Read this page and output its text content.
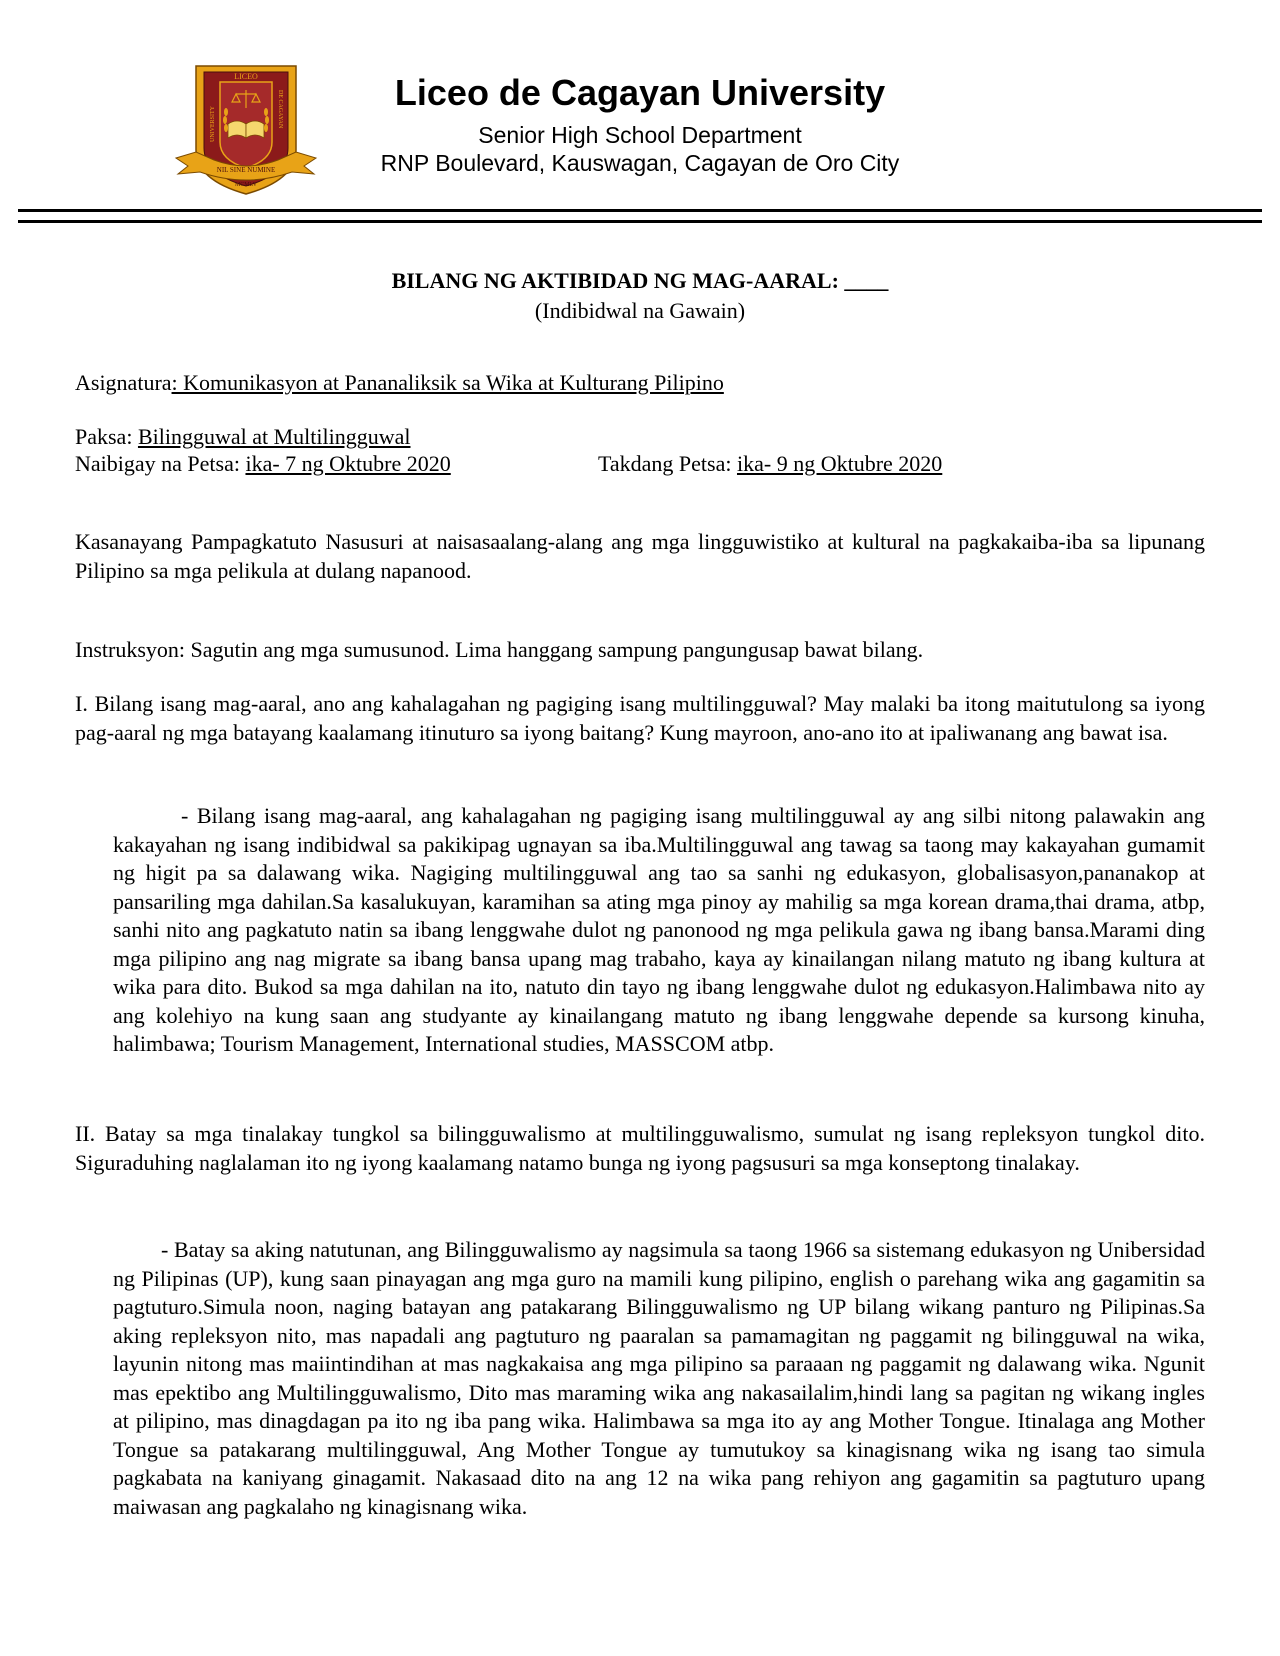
LICEO
UNIVERSITY	DE CAGAYAN
NIL SINE NUMINE
MCMLV
Liceo de Cagayan University
Senior High School Department
RNP Boulevard, Kauswagan, Cagayan de Oro City
BILANG NG AKTIBIDAD NG MAG-AARAL: ____
(Indibidwal na Gawain)
Asignatura: Komunikasyon at Pananaliksik sa Wika at Kulturang Pilipino
Paksa: Bilingguwal at Multilingguwal
Naibigay na Petsa: ika- 7 ng Oktubre 2020	Takdang Petsa: ika- 9 ng Oktubre 2020
Kasanayang Pampagkatuto Nasusuri at naisasaalang-alang ang mga lingguwistiko at kultural na pagkakaiba-iba sa lipunang Pilipino sa mga pelikula at dulang napanood.
Instruksyon: Sagutin ang mga sumusunod. Lima hanggang sampung pangungusap bawat bilang.
I. Bilang isang mag-aaral, ano ang kahalagahan ng pagiging isang multilingguwal? May malaki ba itong maitutulong sa iyong pag-aaral ng mga batayang kaalamang itinuturo sa iyong baitang? Kung mayroon, ano-ano ito at ipaliwanang ang bawat isa.
- Bilang isang mag-aaral, ang kahalagahan ng pagiging isang multilingguwal ay ang silbi nitong palawakin ang kakayahan ng isang indibidwal sa pakikipag ugnayan sa iba.Multilingguwal ang tawag sa taong may kakayahan gumamit ng higit pa sa dalawang wika. Nagiging multilingguwal ang tao sa sanhi ng edukasyon, globalisasyon,pananakop at pansariling mga dahilan.Sa kasalukuyan, karamihan sa ating mga pinoy ay mahilig sa mga korean drama,thai drama, atbp, sanhi nito ang pagkatuto natin sa ibang lenggwahe dulot ng panonood ng mga pelikula gawa ng ibang bansa.Marami ding mga pilipino ang nag migrate sa ibang bansa upang mag trabaho, kaya ay kinailangan nilang matuto ng ibang kultura at wika para dito. Bukod sa mga dahilan na ito, natuto din tayo ng ibang lenggwahe dulot ng edukasyon.Halimbawa nito ay ang kolehiyo na kung saan ang studyante ay kinailangang matuto ng ibang lenggwahe depende sa kursong kinuha, halimbawa; Tourism Management, International studies, MASSCOM atbp.
II. Batay sa mga tinalakay tungkol sa bilingguwalismo at multilingguwalismo, sumulat ng isang repleksyon tungkol dito. Siguraduhing naglalaman ito ng iyong kaalamang natamo bunga ng iyong pagsusuri sa mga konseptong tinalakay.
- Batay sa aking natutunan, ang Bilingguwalismo ay nagsimula sa taong 1966 sa sistemang edukasyon ng Unibersidad ng Pilipinas (UP), kung saan pinayagan ang mga guro na mamili kung pilipino, english o parehang wika ang gagamitin sa pagtuturo.Simula noon, naging batayan ang patakarang Bilingguwalismo ng UP bilang wikang panturo ng Pilipinas.Sa aking repleksyon nito, mas napadali ang pagtuturo ng paaralan sa pamamagitan ng paggamit ng bilingguwal na wika, layunin nitong mas maiintindihan at mas nagkakaisa ang mga pilipino sa paraaan ng paggamit ng dalawang wika. Ngunit mas epektibo ang Multilingguwalismo, Dito mas maraming wika ang nakasailalim,hindi lang sa pagitan ng wikang ingles at pilipino, mas dinagdagan pa ito ng iba pang wika. Halimbawa sa mga ito ay ang Mother Tongue. Itinalaga ang Mother Tongue sa patakarang multilingguwal, Ang Mother Tongue ay tumutukoy sa kinagisnang wika ng isang tao simula pagkabata na kaniyang ginagamit. Nakasaad dito na ang 12 na wika pang rehiyon ang gagamitin sa pagtuturo upang maiwasan ang pagkalaho ng kinagisnang wika.
